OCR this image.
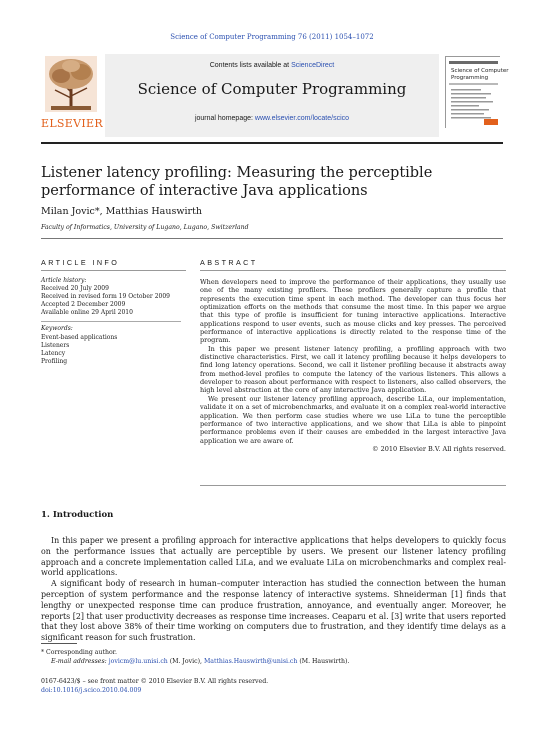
Science of Computer Programming 76 (2011) 1054–1072
ELSEVIER
Contents lists available at ScienceDirect
Science of Computer Programming
journal homepage: www.elsevier.com/locate/scico
Science of Computer
Programming
Listener latency profiling: Measuring the perceptible performance of interactive Java applications
Milan Jovic*, Matthias Hauswirth
Faculty of Informatics, University of Lugano, Lugano, Switzerland
ARTICLE INFO	ABSTRACT
Article history:
Received 20 July 2009
Received in revised form 19 October 2009
Accepted 2 December 2009
Available online 29 April 2010
Keywords:
Event-based applications
Listeners
Latency
Profiling

When developers need to improve the performance of their applications, they usually use one of the many existing profilers. These profilers generally capture a profile that represents the execution time spent in each method. The developer can thus focus her optimization efforts on the methods that consume the most time. In this paper we argue that this type of profile is insufficient for tuning interactive applications. Interactive applications respond to user events, such as mouse clicks and key presses. The perceived performance of interactive applications is directly related to the response time of the program.

In this paper we present listener latency profiling, a profiling approach with two distinctive characteristics. First, we call it latency profiling because it helps developers to find long latency operations. Second, we call it listener profiling because it abstracts away from method-level profiles to compute the latency of the various listeners. This allows a developer to reason about performance with respect to listeners, also called observers, the high level abstraction at the core of any interactive Java application.

We present our listener latency profiling approach, describe LiLa, our implementation, validate it on a set of microbenchmarks, and evaluate it on a complex real-world interactive application. We then perform case studies where we use LiLa to tune the perceptible performance of two interactive applications, and we show that LiLa is able to pinpoint performance problems even if their causes are embedded in the largest interactive Java application we are aware of.

© 2010 Elsevier B.V. All rights reserved.

1. Introduction

In this paper we present a profiling approach for interactive applications that helps developers to quickly focus on the performance issues that actually are perceptible by users. We present our listener latency profiling approach and a concrete implementation called LiLa, and we evaluate LiLa on microbenchmarks and complex real-world applications.

A significant body of research in human–computer interaction has studied the connection between the human perception of system performance and the response latency of interactive systems. Shneiderman [1] finds that lengthy or unexpected response time can produce frustration, annoyance, and eventually anger. Moreover, he reports [2] that user productivity decreases as response time increases. Ceaparu et al. [3] write that users reported that they lost above 38% of their time working on computers due to frustration, and they identify time delays as a significant reason for such frustration.

* Corresponding author.
E-mail addresses: jovicm@lu.unisi.ch (M. Jovic), Matthias.Hauswirth@unisi.ch (M. Hauswirth).
0167-6423/$ – see front matter © 2010 Elsevier B.V. All rights reserved.
doi:10.1016/j.scico.2010.04.009
